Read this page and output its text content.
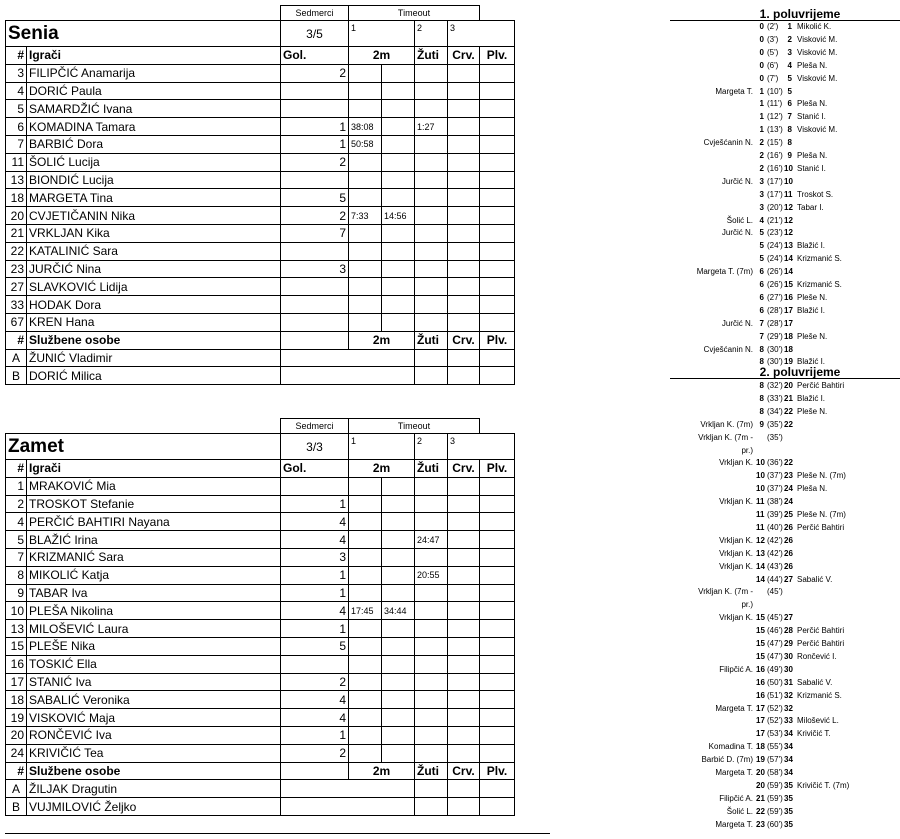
		Sedmerci	Timeout				
Senia		3/5	1		2	3	
#	Igrači	Gol.	2m		Žuti	Crv.	Plv.
3	FILIPČIĆ Anamarija	2					
4	DORIĆ Paula						
5	SAMARDŽIĆ Ivana						
6	KOMADINA Tamara	1	38:08		1:27		
7	BARBIĆ Dora	1	50:58				
11	ŠOLIĆ Lucija	2					
13	BIONDIĆ Lucija						
18	MARGETA Tina	5					
20	CVJETIČANIN Nika	2	7:33	14:56			
21	VRKLJAN Kika	7					
22	KATALINIĆ Sara						
23	JURČIĆ Nina	3					
27	SLAVKOVIĆ Lidija						
33	HODAK Dora						
67	KREN Hana						
#	Službene osobe		2m		Žuti	Crv.	Plv.
A	ŽUNIĆ Vladimir						
B	DORIĆ Milica						
		Sedmerci	Timeout				
Zamet		3/3	1		2	3	
#	Igrači	Gol.	2m		Žuti	Crv.	Plv.
1	MRAKOVIĆ Mia						
2	TROSKOT Stefanie	1					
4	PERČIĆ BAHTIRI Nayana	4					
5	BLAŽIĆ Irina	4			24:47		
7	KRIZMANIĆ Sara	3					
8	MIKOLIĆ Katja	1			20:55		
9	TABAR Iva	1					
10	PLEŠA Nikolina	4	17:45	34:44			
13	MILOŠEVIĆ Laura	1					
15	PLEŠE Nika	5					
16	TOSKIĆ Ella						
17	STANIĆ Iva	2					
18	SABALIĆ Veronika	4					
19	VISKOVIĆ Maja	4					
20	RONČEVIĆ Iva	1					
24	KRIVIČIĆ Tea	2					
#	Službene osobe		2m		Žuti	Crv.	Plv.
A	ŽILJAK Dragutin						
B	VUJMILOVIĆ Željko						
1. poluvrijeme
0 (2')	1 Mikolić K.
0 (3')	2 Visković M.
0 (5')	3 Visković M.
0 (6')	4 Pleša N.
0 (7')	5 Visković M.
Margeta T. 1 (10') 5
1 (11') 6 Pleša N.
1 (12') 7 Stanić I.
1 (13') 8 Visković M.
Cvješćanin N. 2 (15') 8
2 (16') 9 Pleša N.
2 (16') 10 Stanić I.
Jurčić N. 3 (17') 10
3 (17') 11 Troskot S.
3 (20') 12 Tabar I.
Šolić L. 4 (21') 12
Jurčić N. 5 (23') 12
5 (24') 13 Blažić I.
5 (24') 14 Krizmanić S.
Margeta T. (7m) 6 (26') 14
6 (26') 15 Krizmanić S.
6 (27') 16 Pleše N.
6 (28') 17 Blažić I.
Jurčić N. 7 (28') 17
7 (29') 18 Pleše N.
Cvješćanin N. 8 (30') 18
8 (30') 19 Blažić I.
2. poluvrijeme
8 (32') 20 Perčić Bahtiri
8 (33') 21 Blažić I.
8 (34') 22 Pleše N.
Vrkljan K. (7m) 9 (35') 22
Vrkljan K. (7m - (35')
pr.)
Vrkljan K. 10 (36') 22
10 (37') 23 Pleše N. (7m)
10 (37') 24 Pleša N.
Vrkljan K. 11 (38') 24
11 (39') 25 Pleše N. (7m)
11 (40') 26 Perčić Bahtiri
Vrkljan K. 12 (42') 26
Vrkljan K. 13 (42') 26
Vrkljan K. 14 (43') 26
14 (44') 27 Sabalić V.
Vrkljan K. (7m - (45')
pr.)
Vrkljan K. 15 (45') 27
15 (46') 28 Perčić Bahtiri
15 (47') 29 Perčić Bahtiri
15 (47') 30 Rončević I.
Filipčić A. 16 (49') 30
16 (50') 31 Sabalić V.
16 (51') 32 Krizmanić S.
Margeta T. 17 (52') 32
17 (52') 33 Milošević L.
17 (53') 34 Krivičić T.
Komadina T. 18 (55') 34
Barbić D. (7m) 19 (57') 34
Margeta T. 20 (58') 34
20 (59') 35 Krivičić T. (7m)
Filipčić A. 21 (59') 35
Šolić L. 22 (59') 35
Margeta T. 23 (60') 35
